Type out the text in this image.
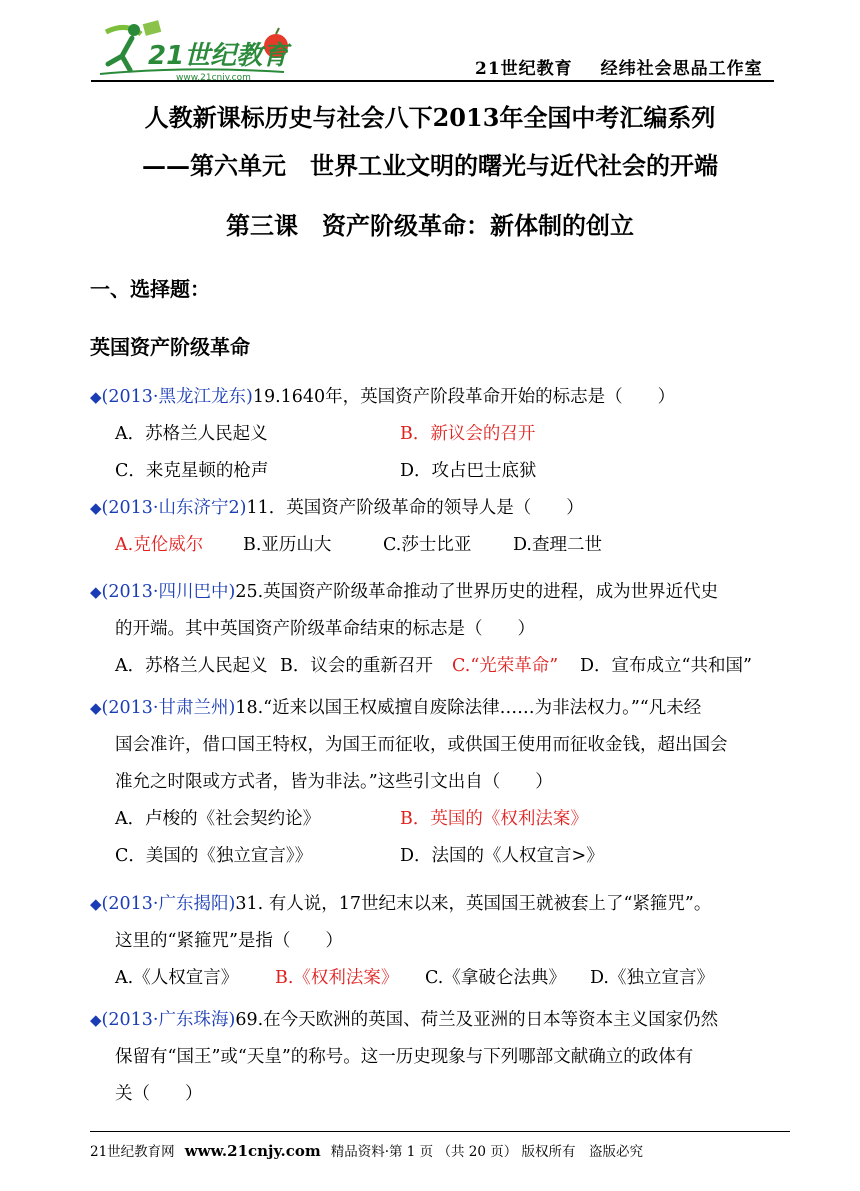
21世纪教育
www.21cnjy.com	21世纪教育 经纬社会思品工作室
人教新课标历史与社会八下2013年全国中考汇编系列
——第六单元　世界工业文明的曙光与近代社会的开端
第三课　资产阶级革命：新体制的创立
一、选择题：
英国资产阶级革命
◆(2013·黑龙江龙东)19.1640年，英国资产阶段革命开始的标志是（　　）
A．苏格兰人民起义	B．新议会的召开
C．来克星顿的枪声	D．攻占巴士底狱
◆(2013·山东济宁2)11．英国资产阶级革命的领导人是（　　）
A.克伦威尔 B.亚历山大	C.莎士比亚 D.查理二世
◆(2013·四川巴中)25.英国资产阶级革命推动了世界历史的进程，成为世界近代史
的开端。其中英国资产阶级革命结束的标志是（　　）
A．苏格兰人民起义 B．议会的重新召开 C.“光荣革命” D．宣布成立“共和国”
◆(2013·甘肃兰州)18.“近来以国王权威擅自废除法律……为非法权力。”“凡未经
国会准许，借口国王特权，为国王而征收，或供国王使用而征收金钱，超出国会
准允之时限或方式者，皆为非法。”这些引文出自（　　）
A．卢梭的《社会契约论》	B．英国的《权利法案》
C．美国的《独立宣言》》	D．法国的《人权宣言>》
◆(2013·广东揭阳)31. 有人说，17世纪末以来，英国国王就被套上了“紧箍咒”。
这里的“紧箍咒”是指（　　）
A.《人权宣言》 B.《权利法案》 C.《拿破仑法典》 D.《独立宣言》
◆(2013·广东珠海)69.在今天欧洲的英国、荷兰及亚洲的日本等资本主义国家仍然
保留有“国王”或“天皇”的称号。这一历史现象与下列哪部文献确立的政体有
关（　　）
21世纪教育网 www.21cnjy.com 精品资料·第 1 页 （共 20 页） 版权所有　盗版必究
